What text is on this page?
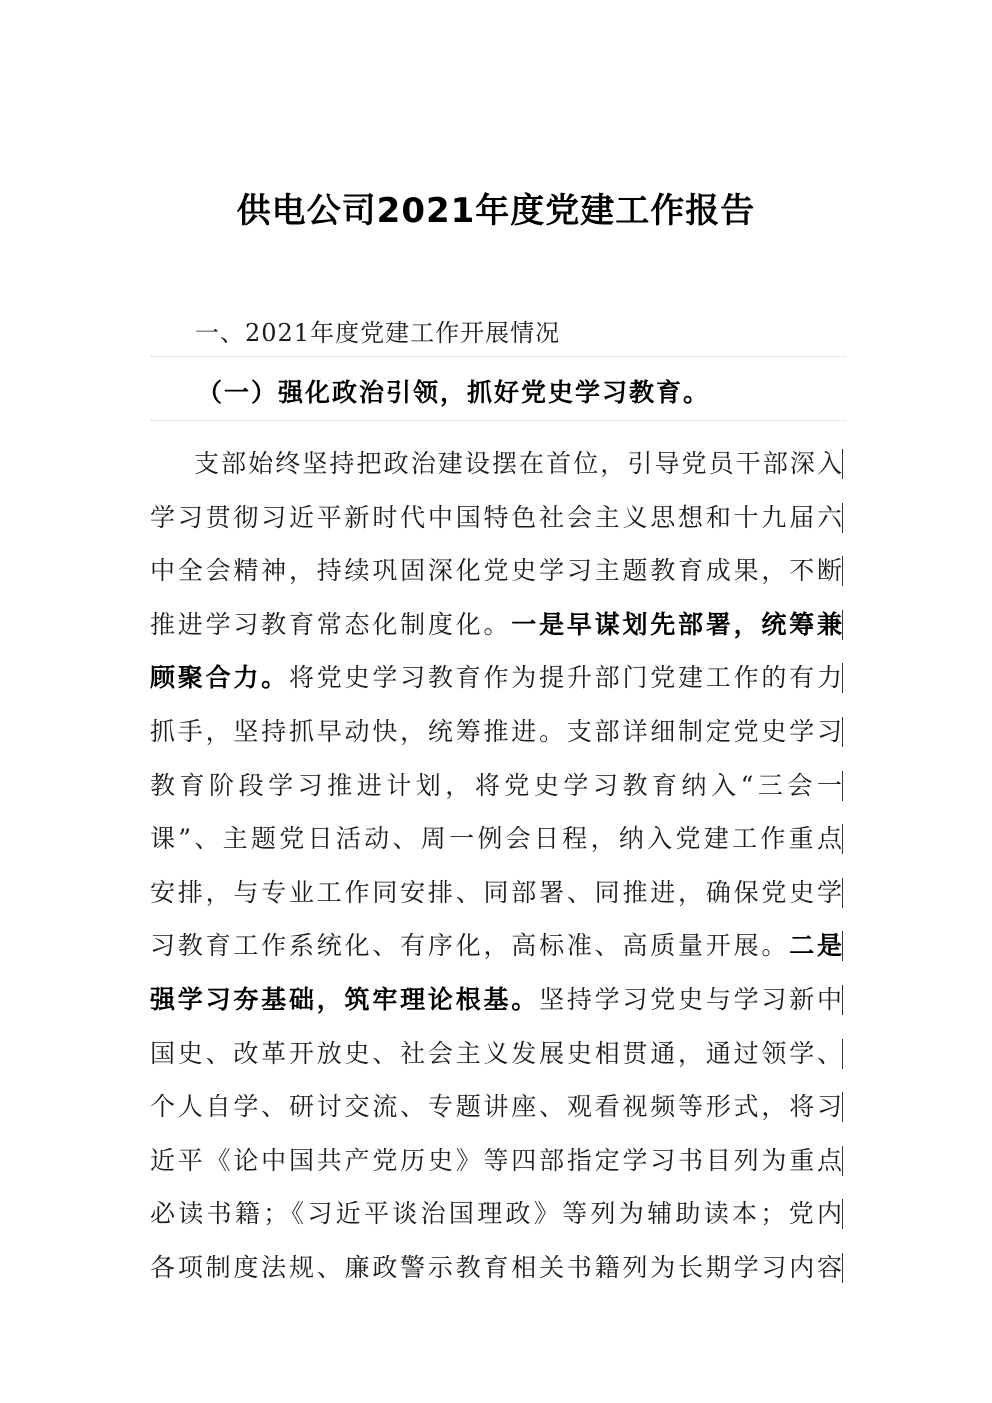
供电公司2021年度党建工作报告
一、2021年度党建工作开展情况
（一）强化政治引领，抓好党史学习教育。
支部始终坚持把政治建设摆在首位，引导党员干部深入
学习贯彻习近平新时代中国特色社会主义思想和十九届六
中全会精神，持续巩固深化党史学习主题教育成果，不断
推进学习教育常态化制度化。一是早谋划先部署，统筹兼
顾聚合力。将党史学习教育作为提升部门党建工作的有力
抓手，坚持抓早动快，统筹推进。支部详细制定党史学习
教育阶段学习推进计划，将党史学习教育纳入“三会一
课”、主题党日活动、周一例会日程，纳入党建工作重点
安排，与专业工作同安排、同部署、同推进，确保党史学
习教育工作系统化、有序化，高标准、高质量开展。二是
强学习夯基础，筑牢理论根基。坚持学习党史与学习新中
国史、改革开放史、社会主义发展史相贯通，通过领学、
个人自学、研讨交流、专题讲座、观看视频等形式，将习
近平《论中国共产党历史》等四部指定学习书目列为重点
必读书籍；《习近平谈治国理政》等列为辅助读本；党内
各项制度法规、廉政警示教育相关书籍列为长期学习内容
